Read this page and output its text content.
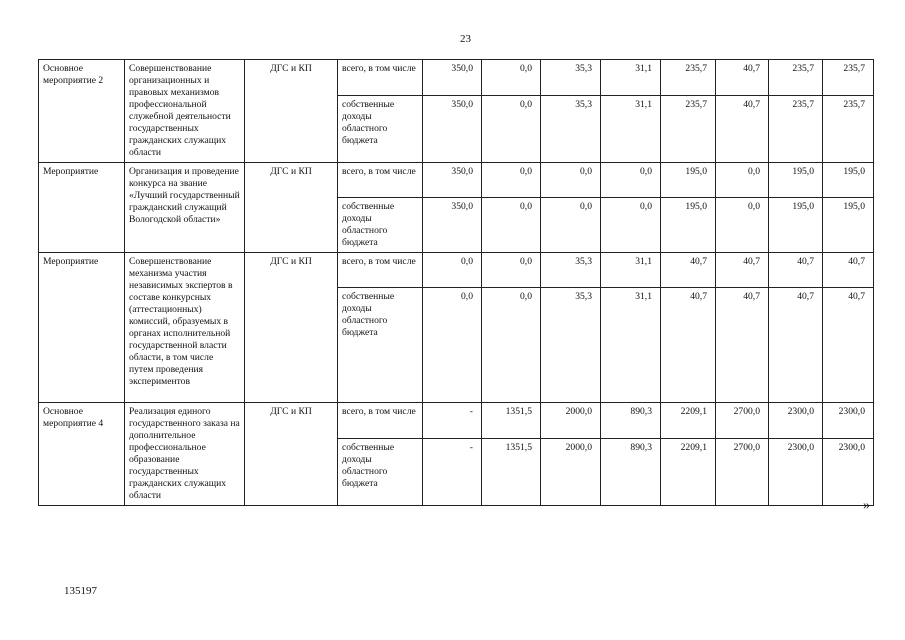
23
Основное мероприятие 2	Совершенствование организационных и правовых механизмов профессиональной служебной деятельности государственных гражданских служащих области	ДГС и КП	всего, в том числе	350,0	0,0	35,3	31,1	235,7	40,7	235,7	235,7
			собственные доходы областного бюджета	350,0	0,0	35,3	31,1	235,7	40,7	235,7	235,7
Мероприятие	Организация и проведение конкурса на звание «Лучший государственный гражданский служащий Вологодской области»	ДГС и КП	всего, в том числе	350,0	0,0	0,0	0,0	195,0	0,0	195,0	195,0
			собственные доходы областного бюджета	350,0	0,0	0,0	0,0	195,0	0,0	195,0	195,0
Мероприятие	Совершенствование механизма участия независимых экспертов в составе конкурсных (аттестационных) комиссий, образуемых в органах исполнительной государственной власти области, в том числе путем проведения экспериментов	ДГС и КП	всего, в том числе	0,0	0,0	35,3	31,1	40,7	40,7	40,7	40,7
			собственные доходы областного бюджета	0,0	0,0	35,3	31,1	40,7	40,7	40,7	40,7
Основное мероприятие 4	Реализация единого государственного заказа на дополнительное профессиональное образование государственных гражданских служащих области	ДГС и КП	всего, в том числе	-	1351,5	2000,0	890,3	2209,1	2700,0	2300,0	2300,0
			собственные доходы областного бюджета	-	1351,5	2000,0	890,3	2209,1	2700,0	2300,0	2300,0
»
135197
